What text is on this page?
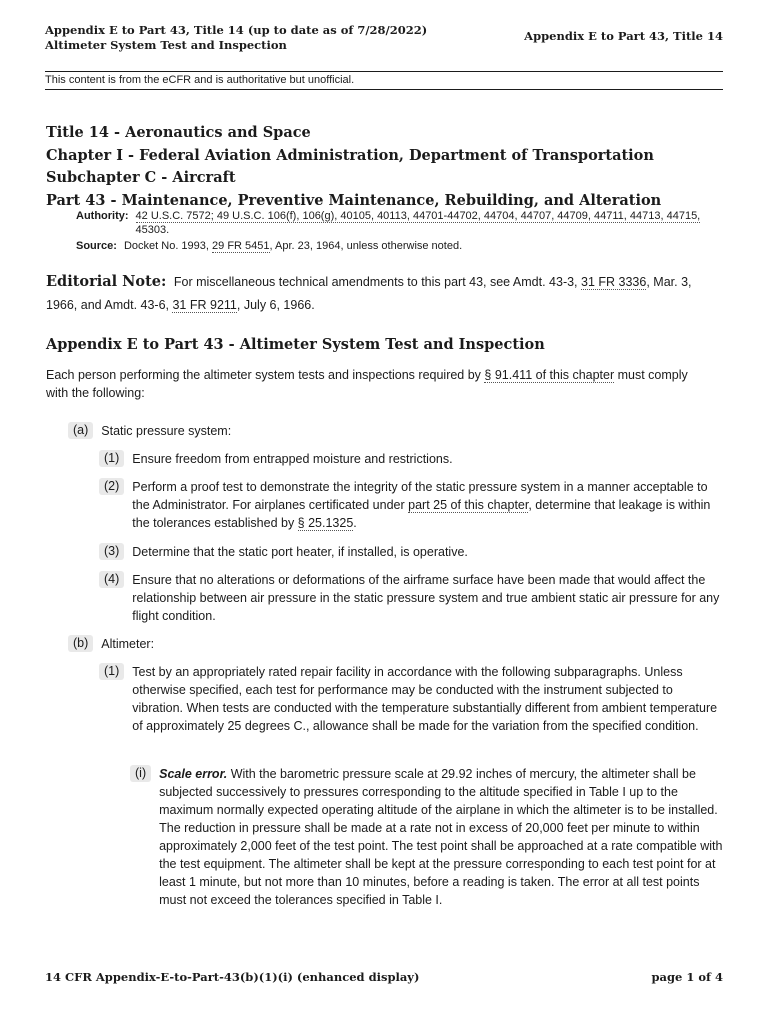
Appendix E to Part 43, Title 14 (up to date as of 7/28/2022)
Altimeter System Test and Inspection
Appendix E to Part 43, Title 14
This content is from the eCFR and is authoritative but unofficial.
Title 14 - Aeronautics and Space
Chapter I - Federal Aviation Administration, Department of Transportation
Subchapter C - Aircraft
Part 43 - Maintenance, Preventive Maintenance, Rebuilding, and Alteration
Authority: 42 U.S.C. 7572; 49 U.S.C. 106(f), 106(g), 40105, 40113, 44701-44702, 44704, 44707, 44709, 44711, 44713, 44715,
45303.
Source: Docket No. 1993, 29 FR 5451, Apr. 23, 1964, unless otherwise noted.
Editorial Note: For miscellaneous technical amendments to this part 43, see Amdt. 43-3, 31 FR 3336, Mar. 3, 1966, and Amdt. 43-6, 31 FR 9211, July 6, 1966.
Appendix E to Part 43 - Altimeter System Test and Inspection
Each person performing the altimeter system tests and inspections required by § 91.411 of this chapter must comply with the following:
(a)	Static pressure system:
(1)	Ensure freedom from entrapped moisture and restrictions.
(2)	Perform a proof test to demonstrate the integrity of the static pressure system in a manner acceptable to the Administrator. For airplanes certificated under part 25 of this chapter, determine that leakage is within the tolerances established by § 25.1325.
(3)	Determine that the static port heater, if installed, is operative.
(4)	Ensure that no alterations or deformations of the airframe surface have been made that would affect the relationship between air pressure in the static pressure system and true ambient static air pressure for any flight condition.
(b)	Altimeter:
(1)	Test by an appropriately rated repair facility in accordance with the following subparagraphs. Unless otherwise specified, each test for performance may be conducted with the instrument subjected to vibration. When tests are conducted with the temperature substantially different from ambient temperature of approximately 25 degrees C., allowance shall be made for the variation from the specified condition.
(i)	Scale error. With the barometric pressure scale at 29.92 inches of mercury, the altimeter shall be subjected successively to pressures corresponding to the altitude specified in Table I up to the maximum normally expected operating altitude of the airplane in which the altimeter is to be installed. The reduction in pressure shall be made at a rate not in excess of 20,000 feet per minute to within approximately 2,000 feet of the test point. The test point shall be approached at a rate compatible with the test equipment. The altimeter shall be kept at the pressure corresponding to each test point for at least 1 minute, but not more than 10 minutes, before a reading is taken. The error at all test points must not exceed the tolerances specified in Table I.
14 CFR Appendix-E-to-Part-43(b)(1)(i) (enhanced display)	page 1 of 4
